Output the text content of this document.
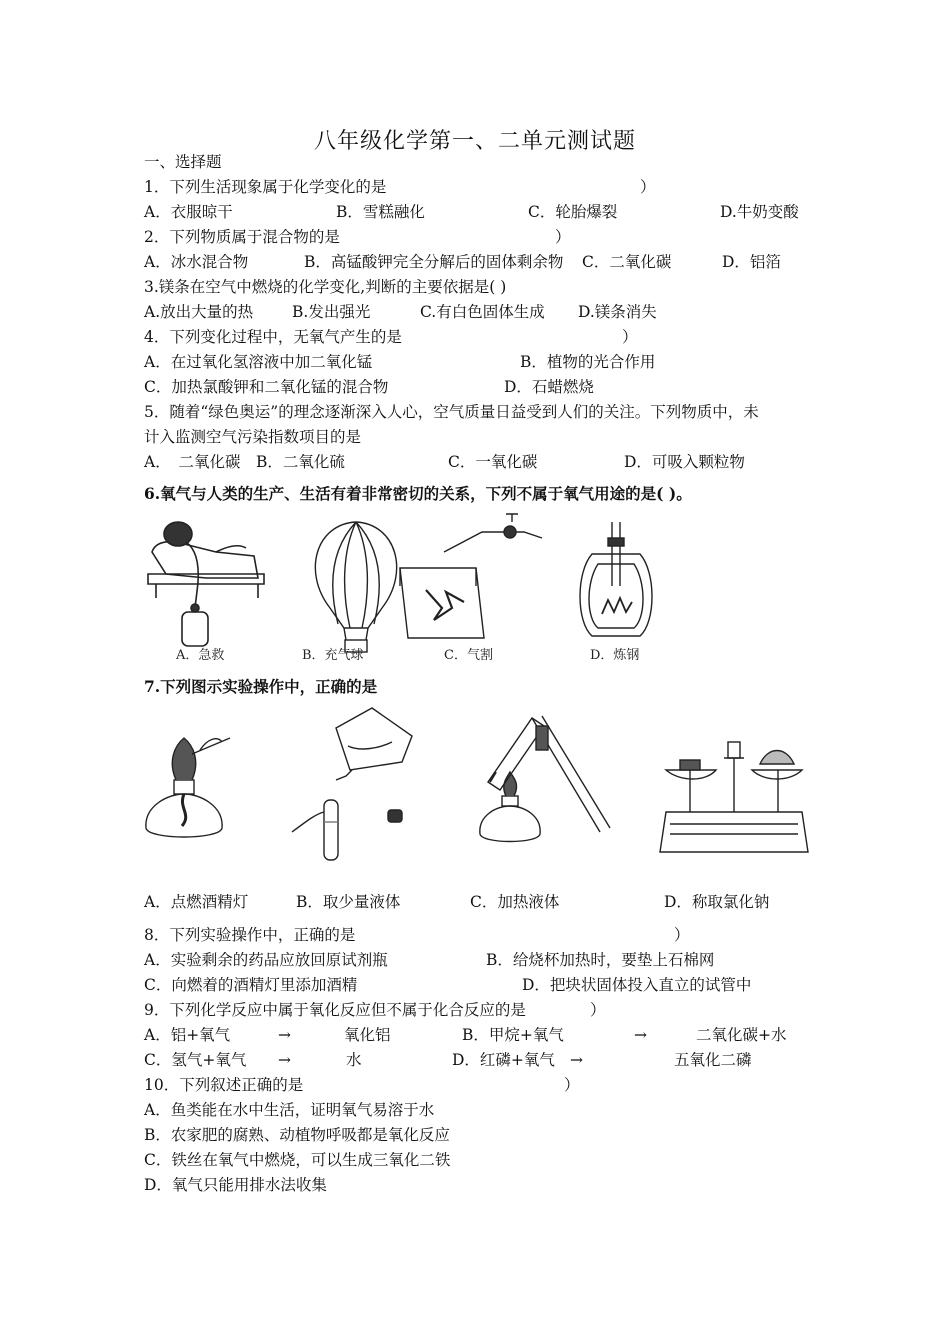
八年级化学第一、二单元测试题
一、选择题
1．下列生活现象属于化学变化的是	）
A．衣服晾干	B．雪糕融化	C．轮胎爆裂	D.牛奶变酸
2．下列物质属于混合物的是	）
A．冰水混合物	B．高锰酸钾完全分解后的固体剩余物 C．二氧化碳	D．铝箔
3.镁条在空气中燃烧的化学变化,判断的主要依据是( )
A.放出大量的热	B.发出强光	C.有白色固体生成 D.镁条消失
4．下列变化过程中，无氧气产生的是	）
A．在过氧化氢溶液中加二氧化锰	B．植物的光合作用
C．加热氯酸钾和二氧化锰的混合物	D．石蜡燃烧
5．随着“绿色奥运”的理念逐渐深入人心，空气质量日益受到人们的关注。下列物质中，未
计入监测空气污染指数项目的是
A．　二氧化碳 B．二氧化硫	C．一氧化碳	D．可吸入颗粒物
6.氧气与人类的生产、生活有着非常密切的关系，下列不属于氧气用途的是( )。
A．急救	B．充气球	C．气割	D．炼钢
7.下列图示实验操作中，正确的是
A．点燃酒精灯	B．取少量液体	C．加热液体	D．称取氯化钠
8．下列实验操作中，正确的是	）
A．实验剩余的药品应放回原试剂瓶	B．给烧杯加热时，要垫上石棉网
C．向燃着的酒精灯里添加酒精	D．把块状固体投入直立的试管中
9．下列化学反应中属于氧化反应但不属于化合反应的是	）
A．铝+氧气	→	氧化铝	B．甲烷+氧气	→	二氧化碳+水
C．氢气+氧气 →	水	D．红磷+氧气 →	五氧化二磷
10．下列叙述正确的是	）
A．鱼类能在水中生活，证明氧气易溶于水
B．农家肥的腐熟、动植物呼吸都是氧化反应
C．铁丝在氧气中燃烧，可以生成三氧化二铁
D．氧气只能用排水法收集
